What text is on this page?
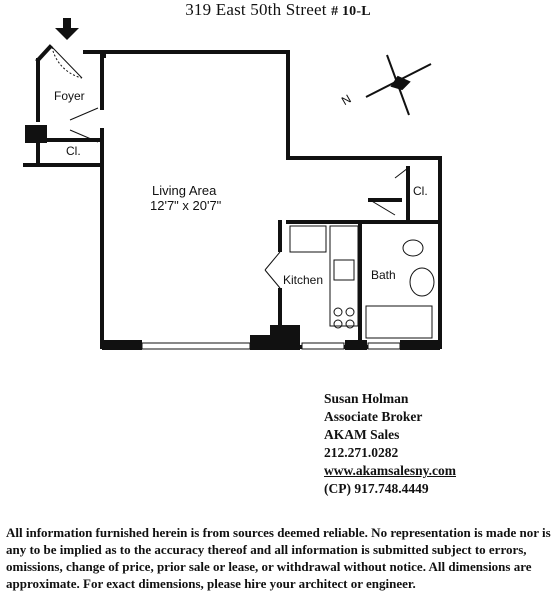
319 East 50th Street # 10-L
N
Foyer
Cl.
Living Area
12'7" x 20'7"
Cl.
Kitchen	Bath
Susan Holman
Associate Broker
AKAM Sales
212.271.0282
www.akamsalesny.com
(CP) 917.748.4449
All information furnished herein is from sources deemed reliable. No representation is made nor is any to be implied as to the accuracy thereof and all information is submitted subject to errors, omissions, change of price, prior sale or lease, or withdrawal without notice. All dimensions are approximate. For exact dimensions, please hire your architect or engineer.
